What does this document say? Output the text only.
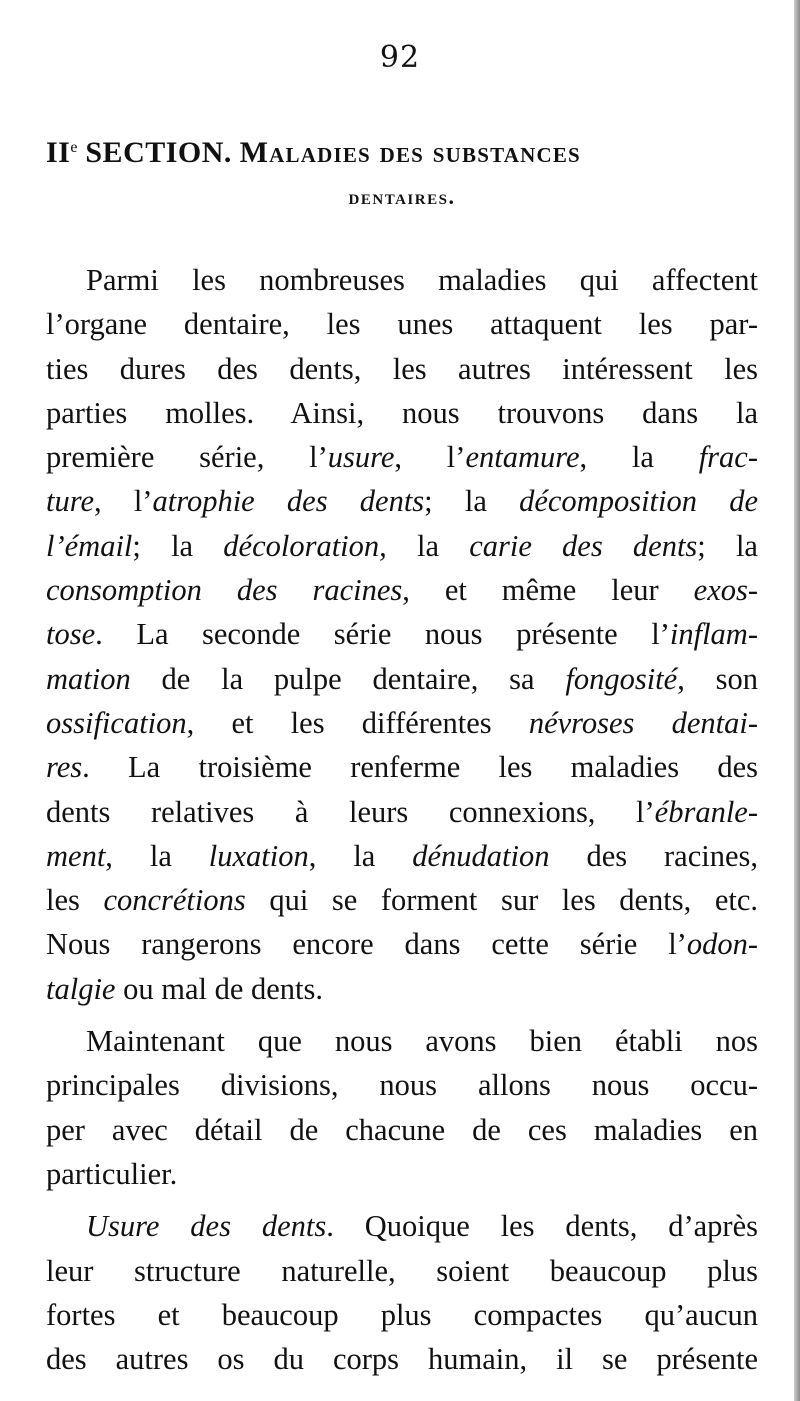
92
IIe SECTION. Maladies des substances
dentaires.
Parmi les nombreuses maladies qui affectent
l’organe dentaire, les unes attaquent les par-
ties dures des dents, les autres intéressent les
parties molles. Ainsi, nous trouvons dans la
première série, l’usure, l’entamure, la frac-
ture, l’atrophie des dents; la décomposition de
l’émail; la décoloration, la carie des dents; la
consomption des racines, et même leur exos-
tose. La seconde série nous présente l’inflam-
mation de la pulpe dentaire, sa fongosité, son
ossification, et les différentes névroses dentai-
res. La troisième renferme les maladies des
dents relatives à leurs connexions, l’ébranle-
ment, la luxation, la dénudation des racines,
les concrétions qui se forment sur les dents, etc.
Nous rangerons encore dans cette série l’odon-
talgie ou mal de dents.
Maintenant que nous avons bien établi nos
principales divisions, nous allons nous occu-
per avec détail de chacune de ces maladies en
particulier.
Usure des dents. Quoique les dents, d’après
leur structure naturelle, soient beaucoup plus
fortes et beaucoup plus compactes qu’aucun
des autres os du corps humain, il se présente
